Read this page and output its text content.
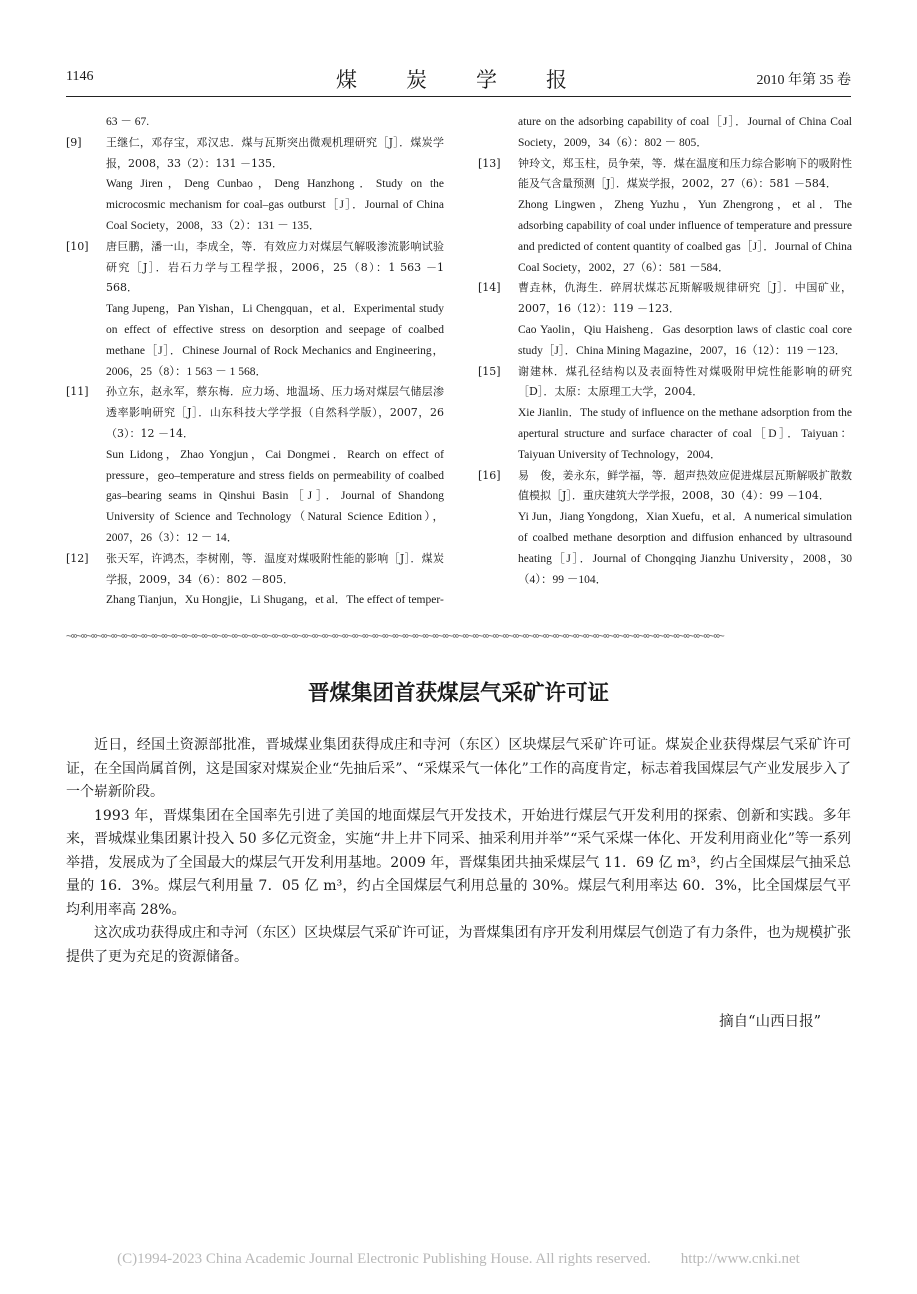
1146	煤　炭　学　报	2010 年第 35 卷
63 － 67.
[9]	王继仁，邓存宝，邓汉忠．煤与瓦斯突出微观机理研究［J］．煤炭学报，2008，33（2）：131 －135．
Wang Jiren，Deng Cunbao，Deng Hanzhong．Study on the microcosmic mechanism for coal–gas outburst［J］．Journal of China Coal Society，2008，33（2）：131 － 135．
[10]	唐巨鹏，潘一山，李成全，等．有效应力对煤层气解吸渗流影响试验研究［J］．岩石力学与工程学报，2006，25（8）：1 563 －1 568．
Tang Jupeng，Pan Yishan，Li Chengquan，et al．Experimental study on effect of effective stress on desorption and seepage of coalbed methane［J］．Chinese Journal of Rock Mechanics and Engineering，2006，25（8）：1 563 － 1 568．
[11]	孙立东，赵永军，蔡东梅．应力场、地温场、压力场对煤层气储层渗透率影响研究［J］．山东科技大学学报（自然科学版），2007，26（3）：12 －14．
Sun Lidong，Zhao Yongjun，Cai Dongmei．Rearch on effect of pressure，geo–temperature and stress fields on permeability of coalbed gas–bearing seams in Qinshui Basin［J］．Journal of Shandong University of Science and Technology（Natural Science Edition），2007，26（3）：12 － 14．
[12]	张天军，许鸿杰，李树刚，等．温度对煤吸附性能的影响［J］．煤炭学报，2009，34（6）：802 －805．
Zhang Tianjun，Xu Hongjie，Li Shugang，et al．The effect of temper-
ature on the adsorbing capability of coal［J］．Journal of China Coal Society，2009，34（6）：802 － 805．
[13]	钟玲文，郑玉柱，员争荣，等．煤在温度和压力综合影响下的吸附性能及气含量预测［J］．煤炭学报，2002，27（6）：581 －584．
Zhong Lingwen，Zheng Yuzhu，Yun Zhengrong，et al．The adsorbing capability of coal under influence of temperature and pressure and predicted of content quantity of coalbed gas［J］．Journal of China Coal Society，2002，27（6）：581 －584．
[14]	曹垚林，仇海生．碎屑状煤芯瓦斯解吸规律研究［J］．中国矿业，2007，16（12）：119 －123．
Cao Yaolin，Qiu Haisheng．Gas desorption laws of clastic coal core study［J］．China Mining Magazine，2007，16（12）：119 －123．
[15]	谢建林．煤孔径结构以及表面特性对煤吸附甲烷性能影响的研究［D］．太原：太原理工大学，2004．
Xie Jianlin．The study of influence on the methane adsorption from the apertural structure and surface character of coal［D］．Taiyuan：Taiyuan University of Technology，2004．
[16]	易　俊，姜永东，鲜学福，等．超声热效应促进煤层瓦斯解吸扩散数值模拟［J］．重庆建筑大学学报，2008，30（4）：99 －104．
Yi Jun，Jiang Yongdong，Xian Xuefu，et al．A numerical simulation of coalbed methane desorption and diffusion enhanced by ultrasound heating［J］．Journal of Chongqing Jianzhu University，2008，30（4）：99 －104．
~∞~∞~∞~∞~∞~∞~∞~∞~∞~∞~∞~∞~∞~∞~∞~∞~∞~∞~∞~∞~∞~∞~∞~∞~∞~∞~∞~∞~∞~∞~∞~∞~∞~∞~∞~∞~∞~∞~∞~∞~∞~∞~∞~∞~∞~∞~∞~∞~∞~∞~∞~∞~∞~∞~∞~∞~∞~∞~∞~∞~∞~∞~∞~∞~∞~
晋煤集团首获煤层气采矿许可证

近日，经国土资源部批准，晋城煤业集团获得成庄和寺河（东区）区块煤层气采矿许可证。煤炭企业获得煤层气采矿许可证，在全国尚属首例，这是国家对煤炭企业“先抽后采”、“采煤采气一体化”工作的高度肯定，标志着我国煤层气产业发展步入了一个崭新阶段。

1993 年，晋煤集团在全国率先引进了美国的地面煤层气开发技术，开始进行煤层气开发利用的探索、创新和实践。多年来，晋城煤业集团累计投入 50 多亿元资金，实施“井上井下同采、抽采利用并举”“采气采煤一体化、开发利用商业化”等一系列举措，发展成为了全国最大的煤层气开发利用基地。2009 年，晋煤集团共抽采煤层气 11．69 亿 m³，约占全国煤层气抽采总量的 16．3%。煤层气利用量 7．05 亿 m³，约占全国煤层气利用总量的 30%。煤层气利用率达 60．3%，比全国煤层气平均利用率高 28%。

这次成功获得成庄和寺河（东区）区块煤层气采矿许可证，为晋煤集团有序开发利用煤层气创造了有力条件，也为规模扩张提供了更为充足的资源储备。

摘自“山西日报”
(C)1994-2023 China Academic Journal Electronic Publishing House. All rights reserved.　　http://www.cnki.net
